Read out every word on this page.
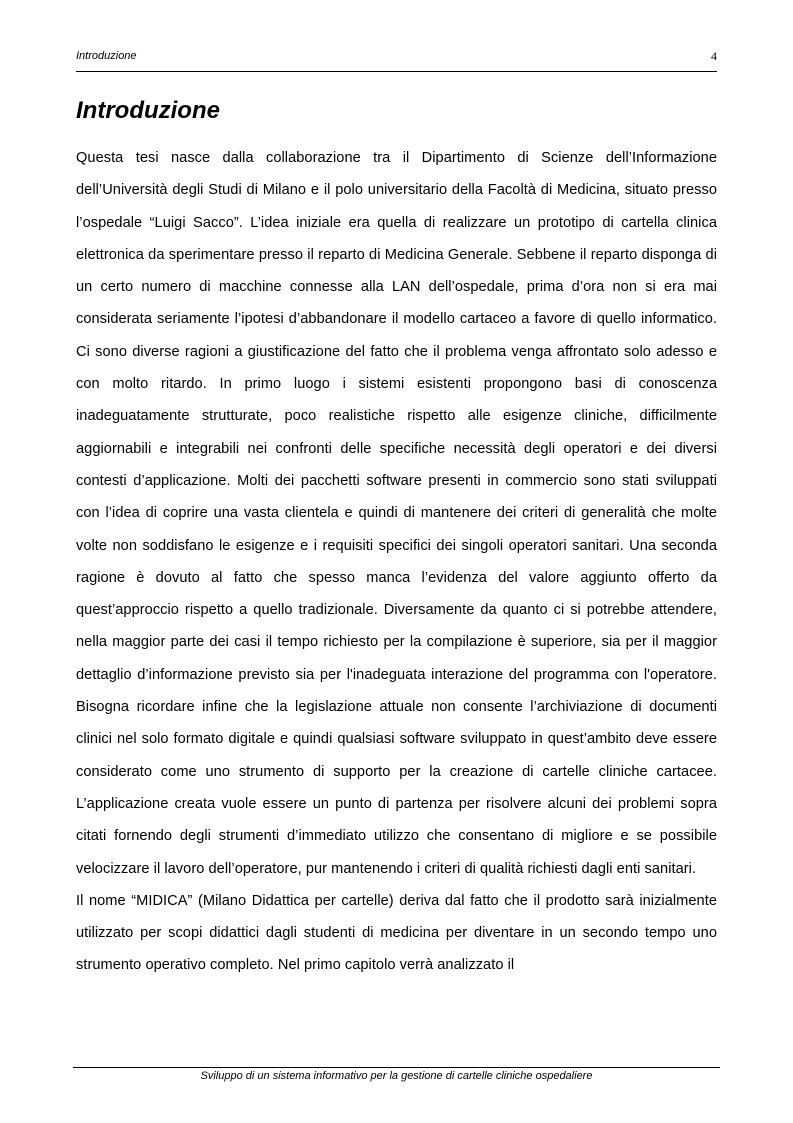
Introduzione	4
Introduzione

Questa tesi nasce dalla collaborazione tra il Dipartimento di Scienze dell’Informazione dell’Università degli Studi di Milano e il polo universitario della Facoltà di Medicina, situato presso l’ospedale “Luigi Sacco”. L’idea iniziale era quella di realizzare un prototipo di cartella clinica elettronica da sperimentare presso il reparto di Medicina Generale. Sebbene il reparto disponga di un certo numero di macchine connesse alla LAN dell’ospedale, prima d’ora non si era mai considerata seriamente l’ipotesi d’abbandonare il modello cartaceo a favore di quello informatico. Ci sono diverse ragioni a giustificazione del fatto che il problema venga affrontato solo adesso e con molto ritardo. In primo luogo i sistemi esistenti propongono basi di conoscenza inadeguatamente strutturate, poco realistiche rispetto alle esigenze cliniche, difficilmente aggiornabili e integrabili nei confronti delle specifiche necessità degli operatori e dei diversi contesti d’applicazione. Molti dei pacchetti software presenti in commercio sono stati sviluppati con l’idea di coprire una vasta clientela e quindi di mantenere dei criteri di generalità che molte volte non soddisfano le esigenze e i requisiti specifici dei singoli operatori sanitari. Una seconda ragione è dovuto al fatto che spesso manca l’evidenza del valore aggiunto offerto da quest’approccio rispetto a quello tradizionale. Diversamente da quanto ci si potrebbe attendere, nella maggior parte dei casi il tempo richiesto per la compilazione è superiore, sia per il maggior dettaglio d’informazione previsto sia per l'inadeguata interazione del programma con l'operatore. Bisogna ricordare infine che la legislazione attuale non consente l’archiviazione di documenti clinici nel solo formato digitale e quindi qualsiasi software sviluppato in quest’ambito deve essere considerato come uno strumento di supporto per la creazione di cartelle cliniche cartacee. L’applicazione creata vuole essere un punto di partenza per risolvere alcuni dei problemi sopra citati fornendo degli strumenti d’immediato utilizzo che consentano di migliore e se possibile velocizzare il lavoro dell’operatore, pur mantenendo i criteri di qualità richiesti dagli enti sanitari.

Il nome “MIDICA” (Milano Didattica per cartelle) deriva dal fatto che il prodotto sarà inizialmente utilizzato per scopi didattici dagli studenti di medicina per diventare in un secondo tempo uno strumento operativo completo. Nel primo capitolo verrà analizzato il

Sviluppo di un sistema informativo per la gestione di cartelle cliniche ospedaliere
